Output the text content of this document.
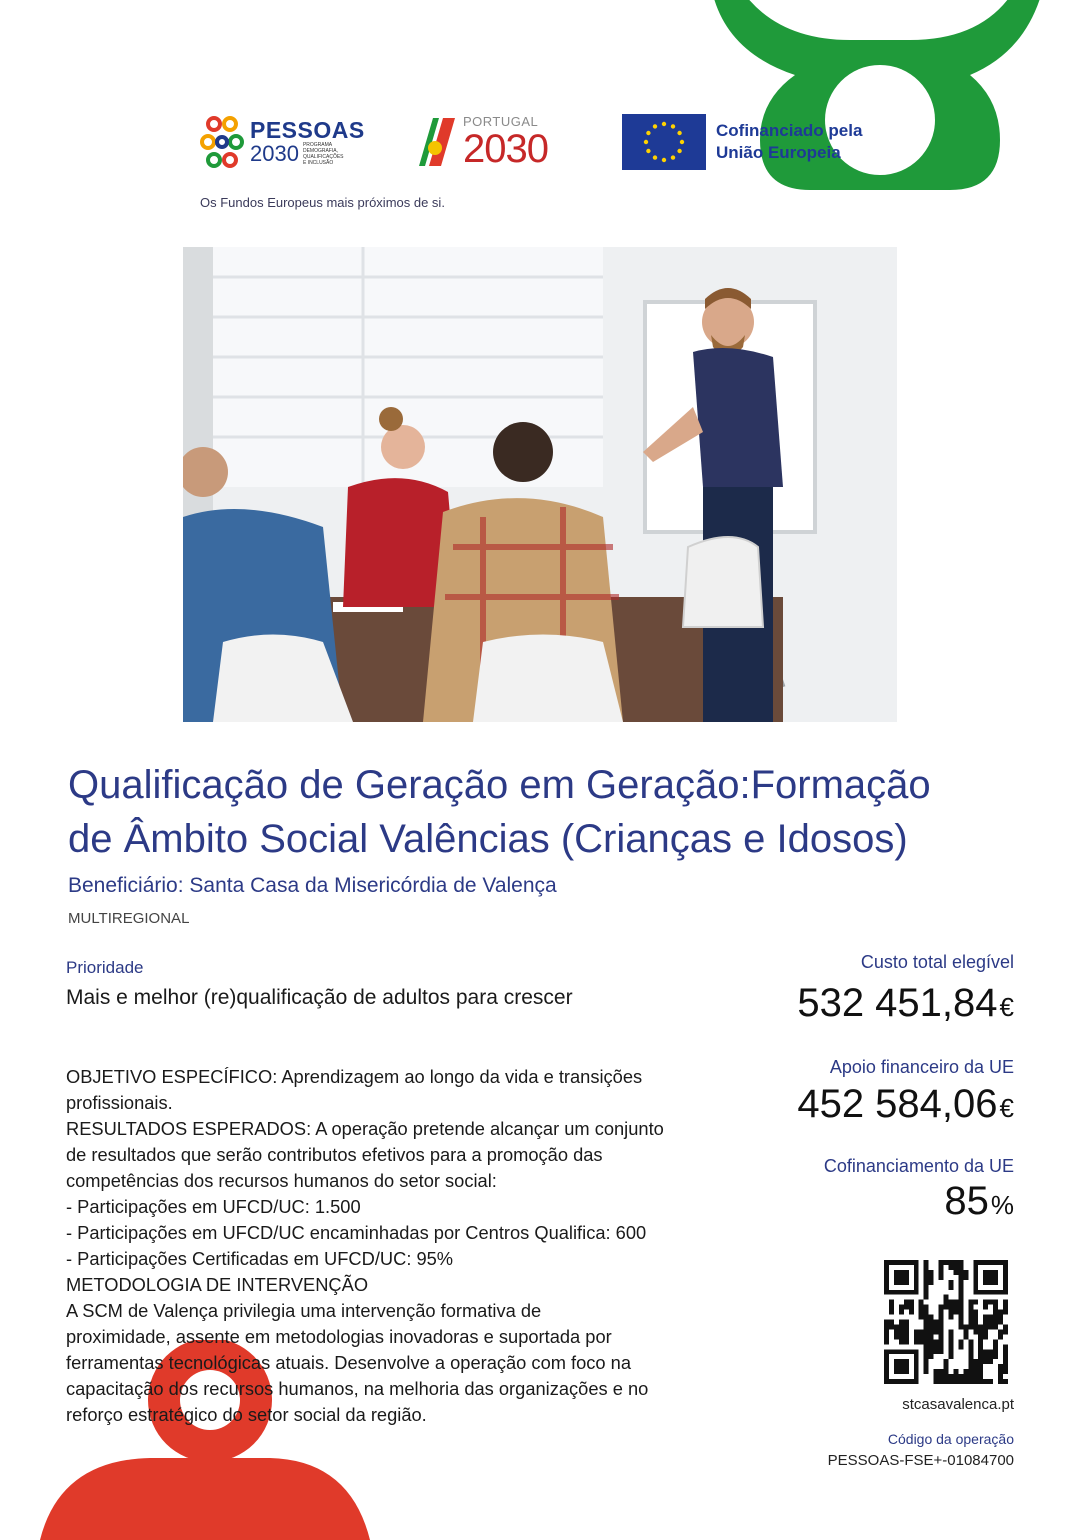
PESSOAS
2030 PROGRAMA DEMOGRAFIA, QUALIFICAÇÕES E INCLUSÃO
PORTUGAL
2030	Cofinanciado pela
União Europeia
Os Fundos Europeus mais próximos de si.
Qualificação de Geração em Geração:Formação
de Âmbito Social Valências (Crianças e Idosos)
Beneficiário: Santa Casa da Misericórdia de Valença
MULTIREGIONAL
Prioridade
Mais e melhor (re)qualificação de adultos para crescer
OBJETIVO ESPECÍFICO: Aprendizagem ao longo da vida e transições
profissionais.
RESULTADOS ESPERADOS: A operação pretende alcançar um conjunto
de resultados que serão contributos efetivos para a promoção das
competências dos recursos humanos do setor social:
- Participações em UFCD/UC: 1.500
- Participações em UFCD/UC encaminhadas por Centros Qualifica: 600
- Participações Certificadas em UFCD/UC: 95%
METODOLOGIA DE INTERVENÇÃO
A SCM de Valença privilegia uma intervenção formativa de
proximidade, assente em metodologias inovadoras e suportada por
ferramentas tecnológicas atuais. Desenvolve a operação com foco na
capacitação dos recursos humanos, na melhoria das organizações e no
reforço estratégico do setor social da região.
Custo total elegível
532 451,84€
Apoio financeiro da UE
452 584,06€
Cofinanciamento da UE
85%
stcasavalenca.pt
Código da operação
PESSOAS-FSE+-01084700
